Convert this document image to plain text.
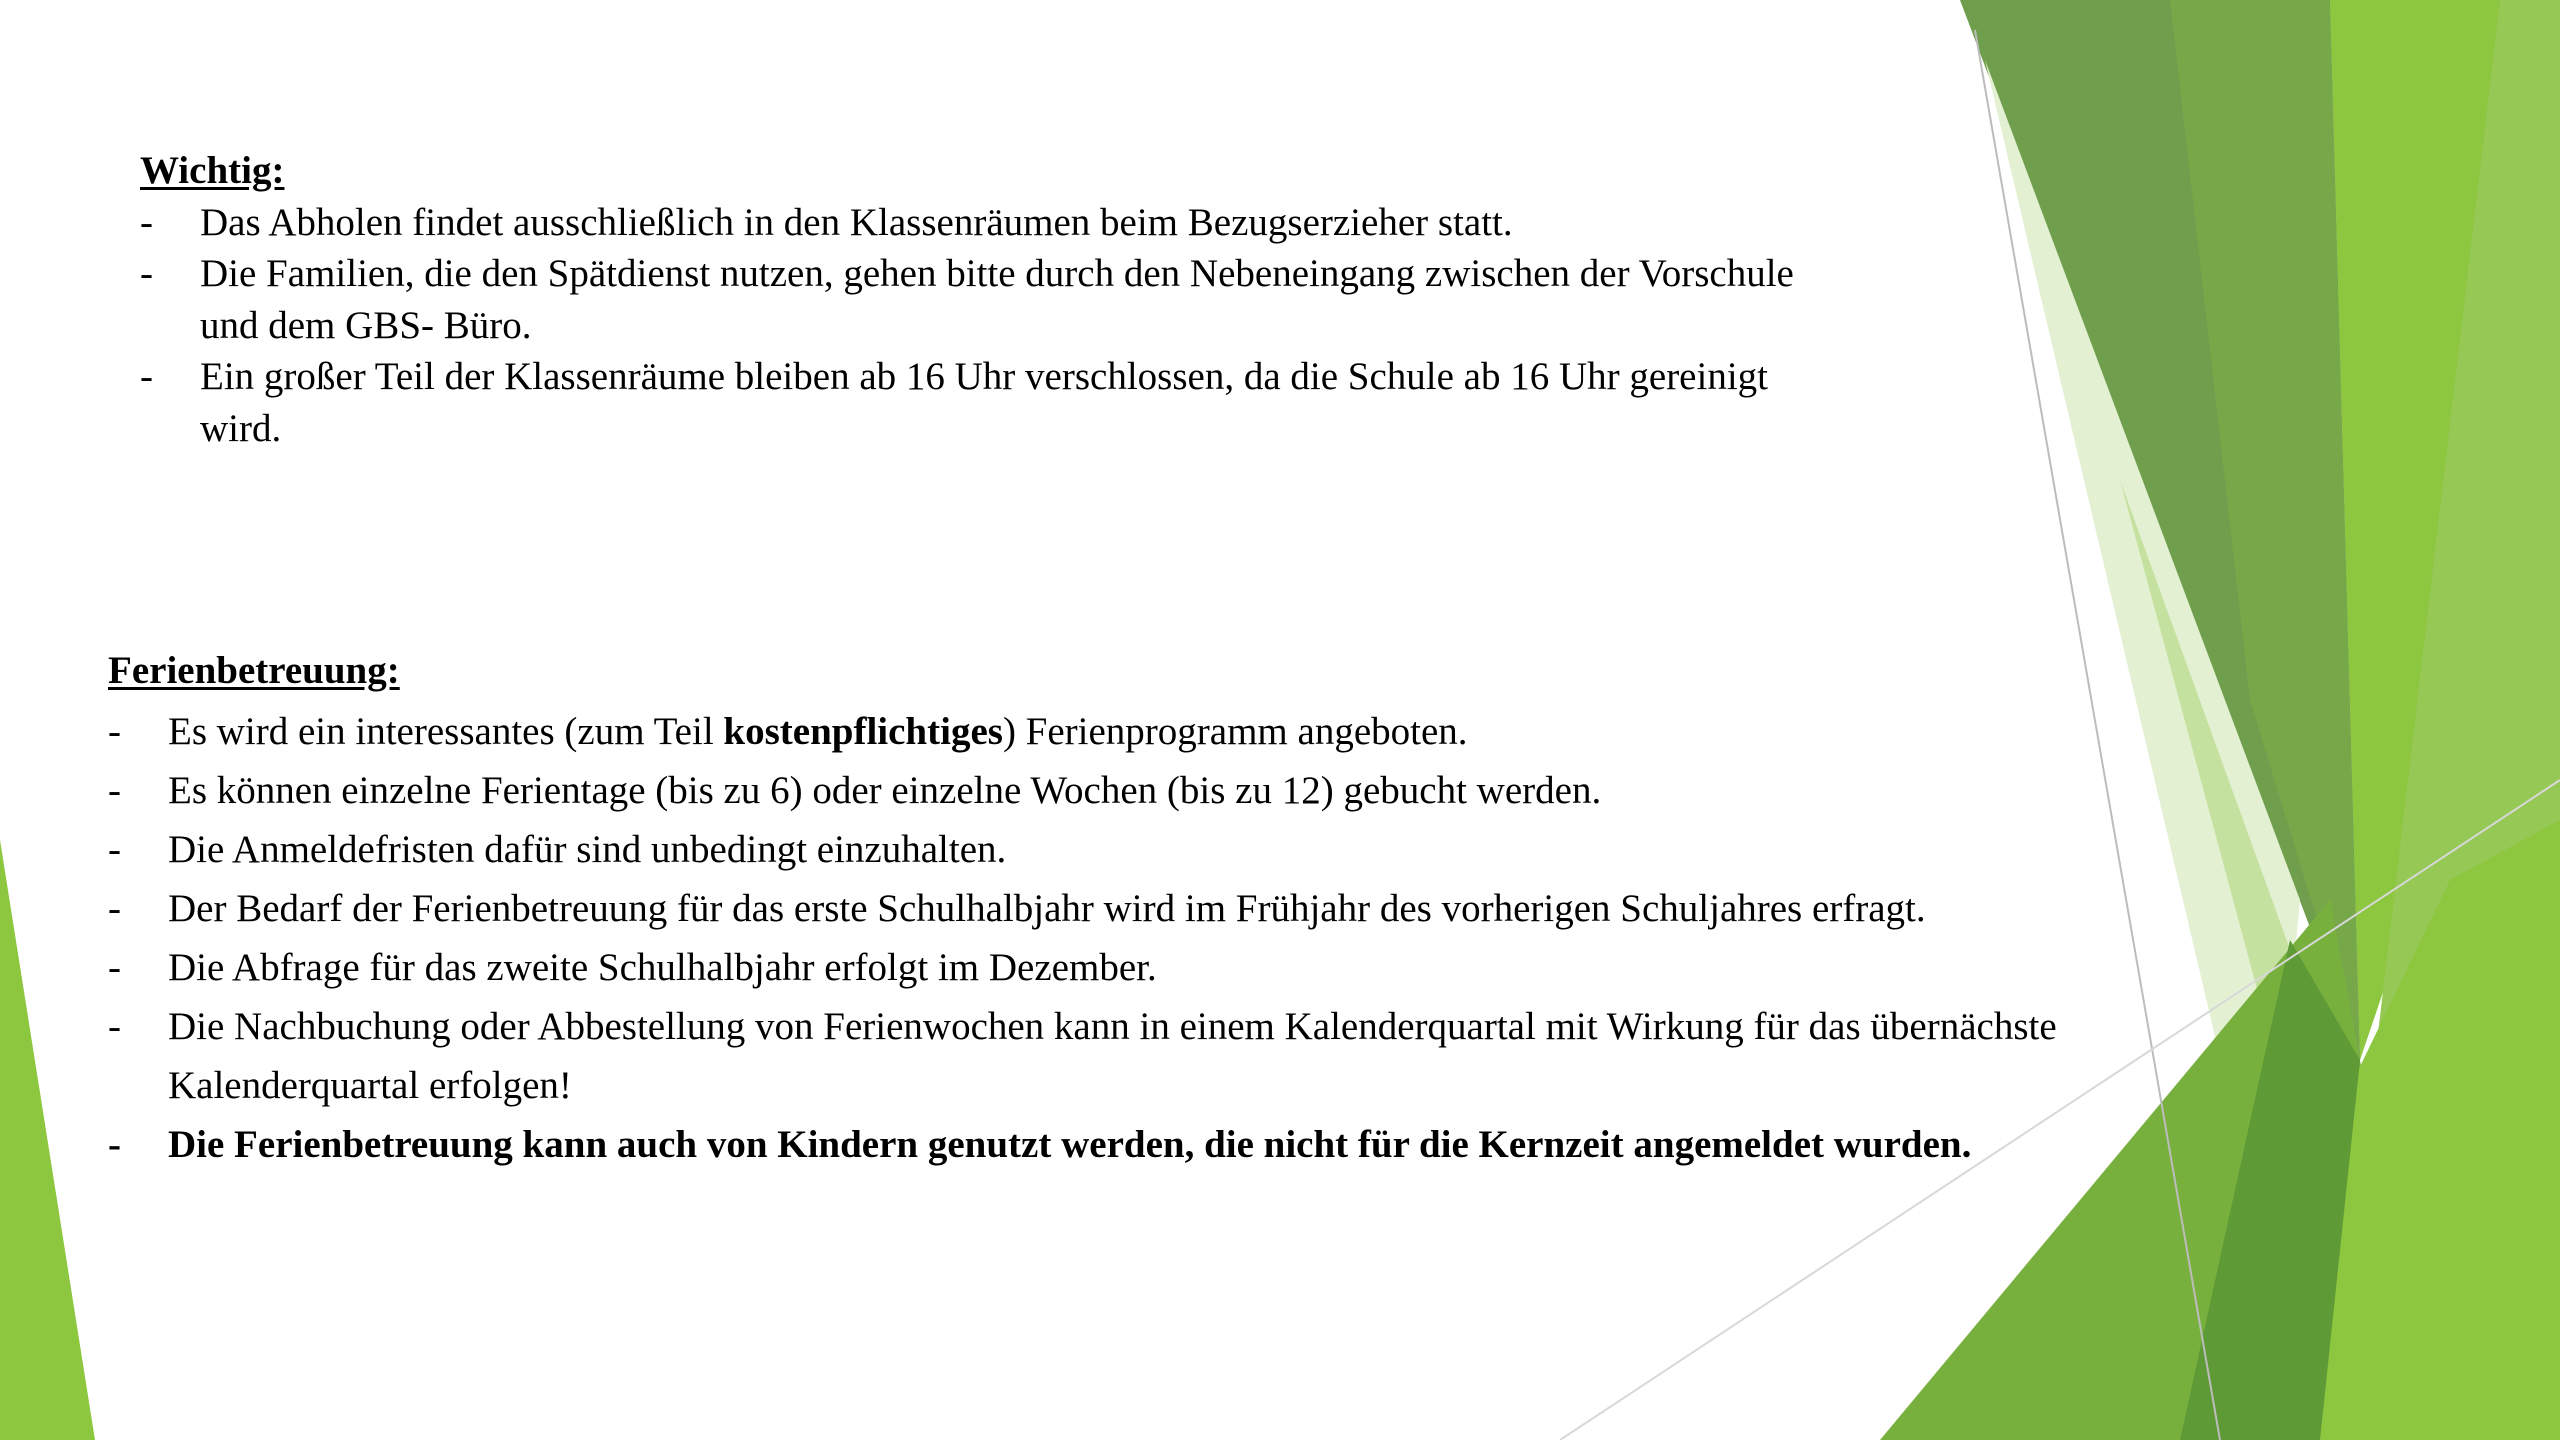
Wichtig:

- Das Abholen findet ausschließlich in den Klassenräumen beim Bezugserzieher statt.
- Die Familien, die den Spätdienst nutzen, gehen bitte durch den Nebeneingang zwischen der Vorschule und dem GBS- Büro.
- Ein großer Teil der Klassenräume bleiben ab 16 Uhr verschlossen, da die Schule ab 16 Uhr gereinigt wird.

Ferienbetreuung:

- Es wird ein interessantes (zum Teil kostenpflichtiges) Ferienprogramm angeboten.
- Es können einzelne Ferientage (bis zu 6) oder einzelne Wochen (bis zu 12) gebucht werden.
- Die Anmeldefristen dafür sind unbedingt einzuhalten.
- Der Bedarf der Ferienbetreuung für das erste Schulhalbjahr wird im Frühjahr des vorherigen Schuljahres erfragt.
- Die Abfrage für das zweite Schulhalbjahr erfolgt im Dezember.
- Die Nachbuchung oder Abbestellung von Ferienwochen kann in einem Kalenderquartal mit Wirkung für das übernächste Kalenderquartal erfolgen!
- Die Ferienbetreuung kann auch von Kindern genutzt werden, die nicht für die Kernzeit angemeldet wurden.
